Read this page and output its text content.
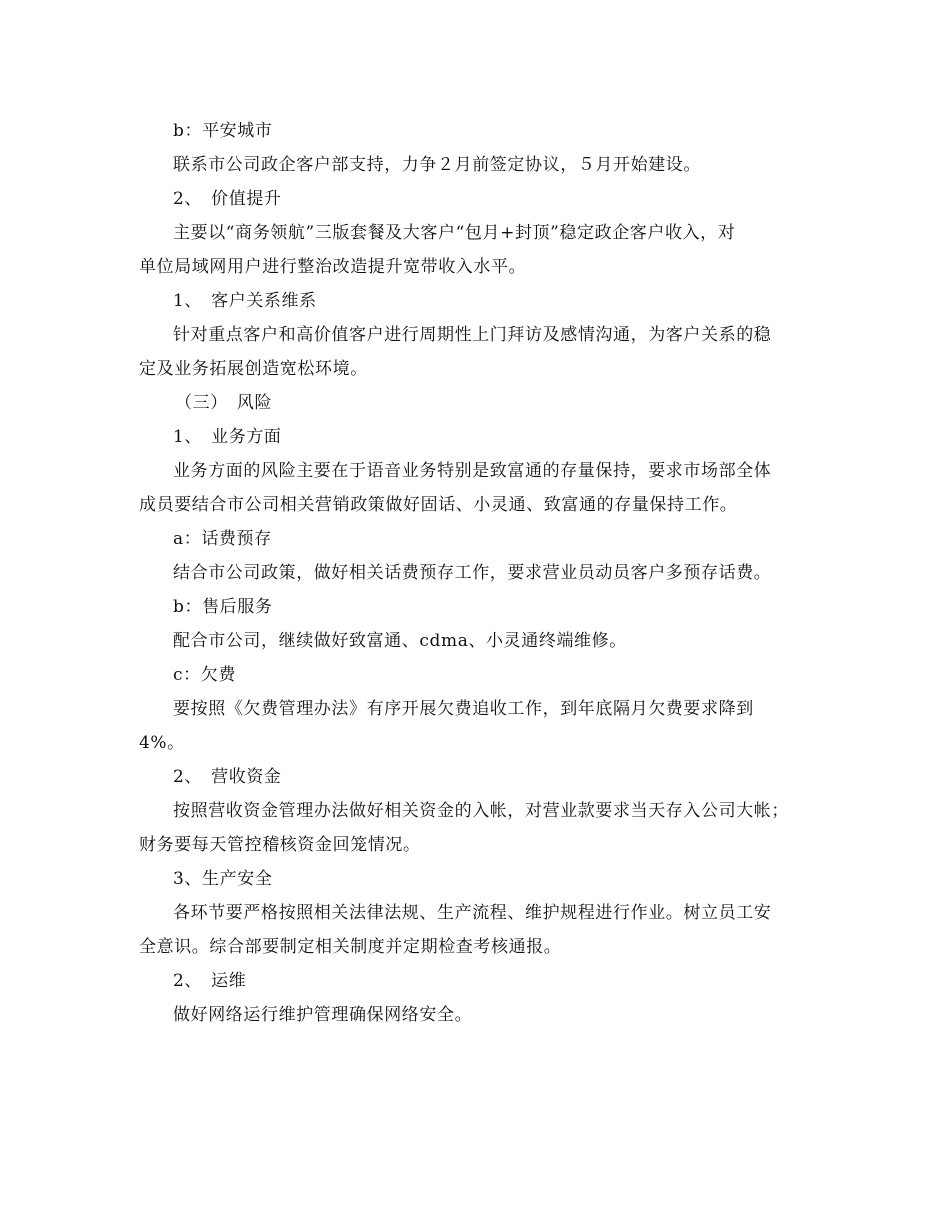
b：平安城市
联系市公司政企客户部支持，力争２月前签定协议，５月开始建设。
2、　价值提升
主要以“商务领航”三版套餐及大客户“包月+封顶”稳定政企客户收入，对
单位局域网用户进行整治改造提升宽带收入水平。
1、　客户关系维系
针对重点客户和高价值客户进行周期性上门拜访及感情沟通，为客户关系的稳
定及业务拓展创造宽松环境。
（三）　风险
1、　业务方面
业务方面的风险主要在于语音业务特别是致富通的存量保持，要求市场部全体
成员要结合市公司相关营销政策做好固话、小灵通、致富通的存量保持工作。
a：话费预存
结合市公司政策，做好相关话费预存工作，要求营业员动员客户多预存话费。
b：售后服务
配合市公司，继续做好致富通、cdma、小灵通终端维修。
c：欠费
要按照《欠费管理办法》有序开展欠费追收工作，到年底隔月欠费要求降到
4%。
2、　营收资金
按照营收资金管理办法做好相关资金的入帐，对营业款要求当天存入公司大帐；
财务要每天管控稽核资金回笼情况。
3、生产安全
各环节要严格按照相关法律法规、生产流程、维护规程进行作业。树立员工安
全意识。综合部要制定相关制度并定期检查考核通报。
2、　运维
做好网络运行维护管理确保网络安全。
